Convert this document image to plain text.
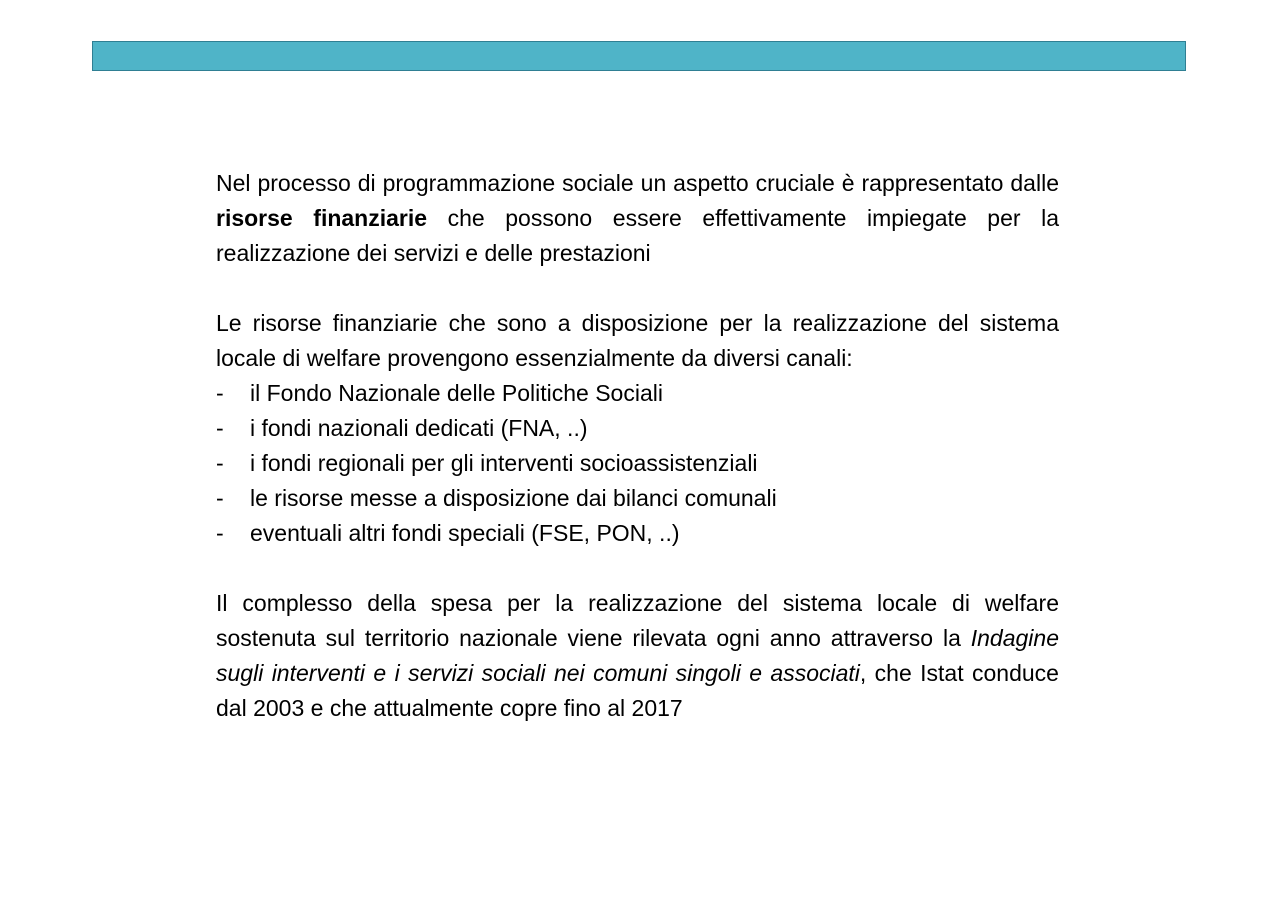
Nel processo di programmazione sociale un aspetto cruciale è rappresentato dalle risorse finanziarie che possono essere effettivamente impiegate per la realizzazione dei servizi e delle prestazioni

Le risorse finanziarie che sono a disposizione per la realizzazione del sistema locale di welfare provengono essenzialmente da diversi canali:

-	il Fondo Nazionale delle Politiche Sociali
-	i fondi nazionali dedicati (FNA, ..)
-	i fondi regionali per gli interventi socioassistenziali
-	le risorse messe a disposizione dai bilanci comunali
-	eventuali altri fondi speciali (FSE, PON, ..)

Il complesso della spesa per la realizzazione del sistema locale di welfare sostenuta sul territorio nazionale viene rilevata ogni anno attraverso la Indagine sugli interventi e i servizi sociali nei comuni singoli e associati, che Istat conduce dal 2003 e che attualmente copre fino al 2017
